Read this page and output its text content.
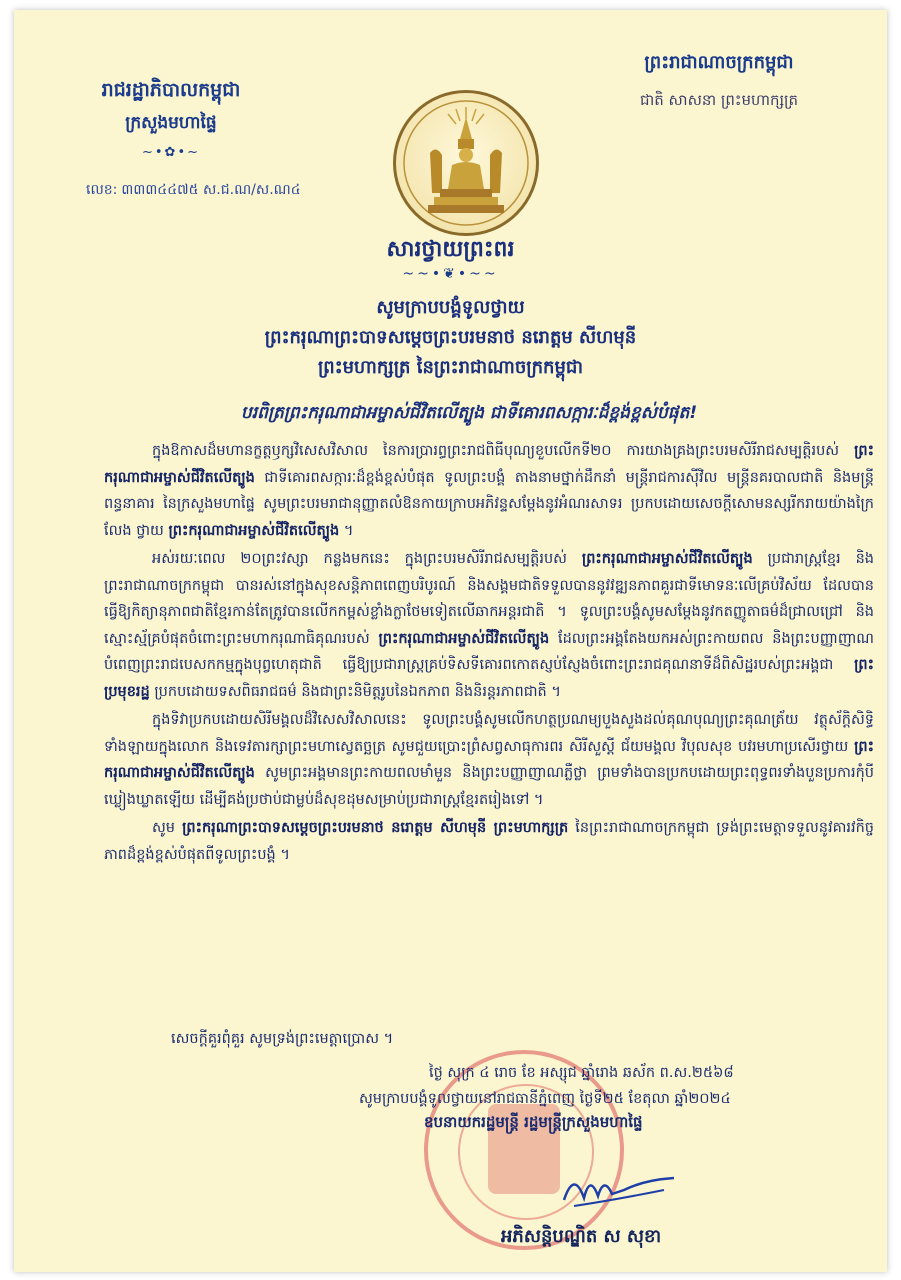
រាជរដ្ឋាភិបាលកម្ពុជា
ក្រសួងមហាផ្ទៃ
~•✿•~
លេខ: ៣៣៣៤៤៧៥ ស.ជ.ណ/ស.ណ៤
ព្រះរាជាណាចក្រកម្ពុជា
ជាតិ សាសនា ព្រះមហាក្សត្រ
សារថ្វាយព្រះពរ
~~•❦•~~
សូមក្រាបបង្គំទូលថ្វាយ
ព្រះករុណាព្រះបាទសម្តេចព្រះបរមនាថ នរោត្តម សីហមុនី
ព្រះមហាក្សត្រ នៃព្រះរាជាណាចក្រកម្ពុជា
បរពិត្រព្រះករុណាជាអម្ចាស់ជីវិតលើត្បូង ជាទីគោរពសក្ការៈដ៏ខ្ពង់ខ្ពស់បំផុត!

ក្នុងឱកាសដ៏មហានក្ខត្តឫក្សវិសេសវិសាល នៃការប្រារព្ធព្រះរាជពិធីបុណ្យខួបលើកទី២០ ការយាងគ្រងព្រះបរមសិរីរាជសម្បត្តិរបស់ ព្រះករុណាជាអម្ចាស់ជីវិតលើត្បូង ជាទីគោរពសក្ការៈដ៏ខ្ពង់ខ្ពស់បំផុត ទូលព្រះបង្គំ តាងនាមថ្នាក់ដឹកនាំ មន្ត្រីរាជការស៊ីវិល មន្ត្រីនគរបាលជាតិ និងមន្ត្រីពន្ធនាគារ នៃក្រសួងមហាផ្ទៃ សូមព្រះបរមរាជានុញ្ញាតលំឱនកាយក្រាបអភិវន្ទសម្តែងនូវអំណរសាទរ ប្រកបដោយសេចក្តីសោមនស្សរីករាយយ៉ាងក្រៃលែង ថ្វាយ ព្រះករុណាជាអម្ចាស់ជីវិតលើត្បូង ។

អស់រយៈពេល ២០ព្រះវស្សា កន្លងមកនេះ ក្នុងព្រះបរមសិរីរាជសម្បត្តិរបស់ ព្រះករុណាជាអម្ចាស់ជីវិតលើត្បូង ប្រជារាស្ត្រខ្មែរ និងព្រះរាជាណាចក្រកម្ពុជា បានរស់នៅក្នុងសុខសន្តិភាពពេញបរិបូរណ៍ និងសង្គមជាតិទទួលបាននូវវឌ្ឍនភាពគួរជាទីមោទនៈលើគ្រប់វិស័យ ដែលបានធ្វើឱ្យកិត្យានុភាពជាតិខ្មែរកាន់តែត្រូវបានលើកកម្ពស់ខ្លាំងក្លាថែមទៀតលើឆាកអន្តរជាតិ ។ ទូលព្រះបង្គំសូមសម្តែងនូវកតញ្ញូតាធម៌ដ៏ជ្រាលជ្រៅ និងស្មោះស្ម័គ្របំផុតចំពោះព្រះមហាករុណាធិគុណរបស់ ព្រះករុណាជាអម្ចាស់ជីវិតលើត្បូង ដែលព្រះអង្គតែងយកអស់ព្រះកាយពល និងព្រះបញ្ញាញាណ បំពេញព្រះរាជបេសកកម្មក្នុងបុព្វហេតុជាតិ ធ្វើឱ្យប្រជារាស្ត្រគ្រប់ទិសទីគោរពកោតស្ញប់ស្ញែងចំពោះព្រះរាជគុណនាទីដ៏ពិសិដ្ឋរបស់ព្រះអង្គជា ព្រះប្រមុខរដ្ឋ ប្រកបដោយទសពិធរាជធម៌ និងជាព្រះនិមិត្តរូបនៃឯកភាព និងនិរន្តរភាពជាតិ ។

ក្នុងទិវាប្រកបដោយសិរីមង្គលដ៏វិសេសវិសាលនេះ ទូលព្រះបង្គំសូមលើកហត្ថប្រណម្យបួងសួងដល់គុណបុណ្យព្រះគុណត្រ័យ វត្ថុស័ក្តិសិទ្ធិទាំងឡាយក្នុងលោក និងទេវតារក្សាព្រះមហាស្វេតច្ឆត្រ សូមជួយប្រោះព្រំសព្វសាធុការពរ សិរីសួស្តី ជ័យមង្គល វិបុលសុខ បវរមហាប្រសើរថ្វាយ ព្រះករុណាជាអម្ចាស់ជីវិតលើត្បូង សូមព្រះអង្គមានព្រះកាយពលមាំមួន និងព្រះបញ្ញាញាណភ្លឺថ្លា ព្រមទាំងបានប្រកបដោយព្រះពុទ្ធពរទាំងបួនប្រការកុំបីឃ្លៀងឃ្លាតឡើយ ដើម្បីគង់ប្រថាប់ជាម្លប់ដ៏សុខដុមសម្រាប់ប្រជារាស្ត្រខ្មែរតរៀងទៅ ។

សូម ព្រះករុណាព្រះបាទសម្តេចព្រះបរមនាថ នរោត្តម សីហមុនី ព្រះមហាក្សត្រ នៃព្រះរាជាណាចក្រកម្ពុជា ទ្រង់ព្រះមេត្តាទទួលនូវគារវកិច្ចភាពដ៏ខ្ពង់ខ្ពស់បំផុតពីទូលព្រះបង្គំ ។

សេចក្តីគួរពុំគួរ សូមទ្រង់ព្រះមេត្តាប្រោស ។
ថ្ងៃ សុក្រ ៤ រោច ខែ អស្សុជ ឆ្នាំរោង ឆស័ក ព.ស.២៥៦៨
សូមក្រាបបង្គំទូលថ្វាយនៅរាជធានីភ្នំពេញ ថ្ងៃទី២៥ ខែតុលា ឆ្នាំ២០២៤
ឧបនាយករដ្ឋមន្ត្រី រដ្ឋមន្ត្រីក្រសួងមហាផ្ទៃ
អភិសន្តិបណ្ឌិត ស សុខា
